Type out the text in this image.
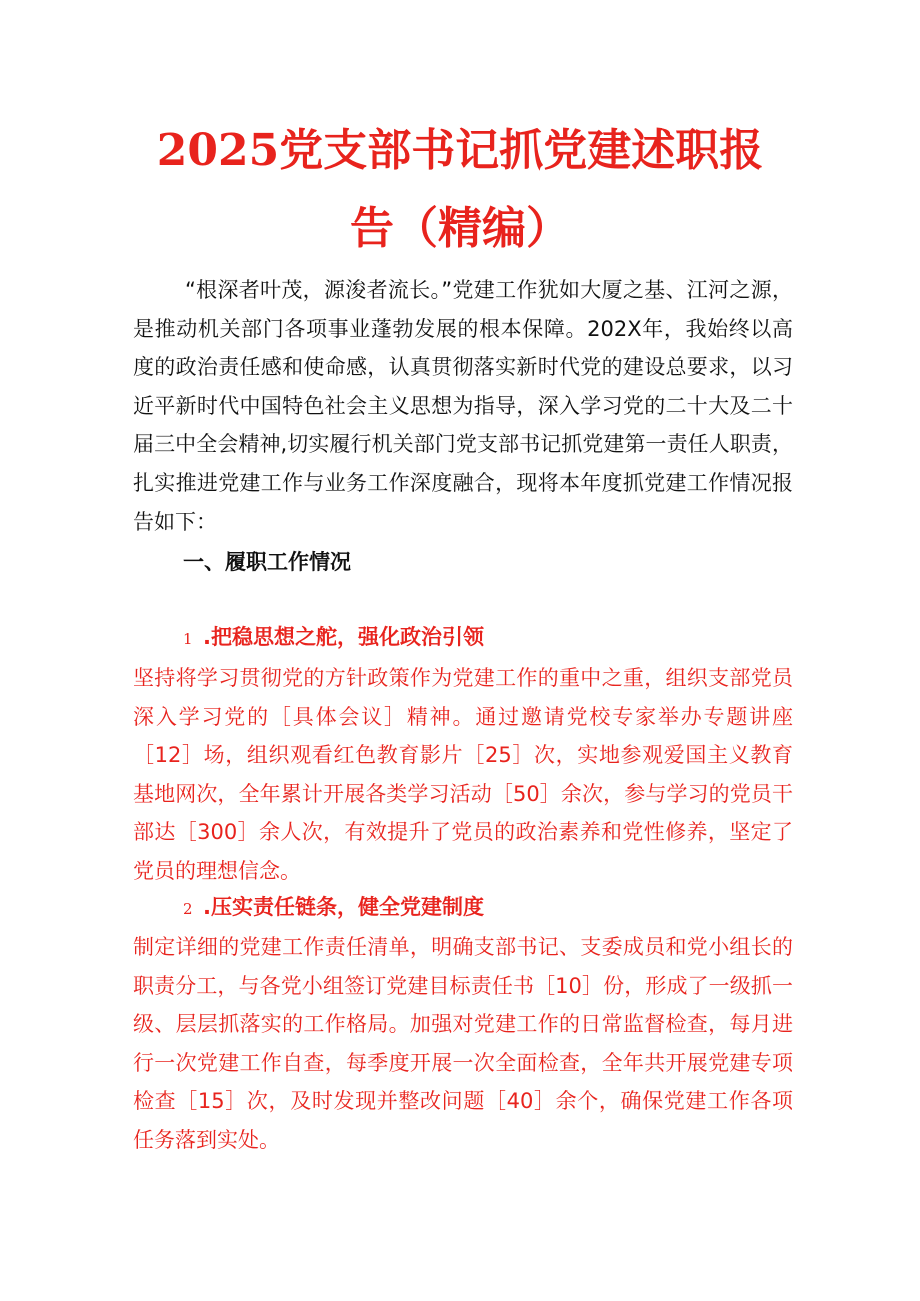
2025党支部书记抓党建述职报
告（精编）

“根深者叶茂，源浚者流长。”党建工作犹如大厦之基、江河之源，是推动机关部门各项事业蓬勃发展的根本保障。202X年，我始终以高度的政治责任感和使命感，认真贯彻落实新时代党的建设总要求，以习近平新时代中国特色社会主义思想为指导，深入学习党的二十大及二十届三中全会精神,切实履行机关部门党支部书记抓党建第一责任人职责，扎实推进党建工作与业务工作深度融合，现将本年度抓党建工作情况报告如下：

一、履职工作情况
1 .把稳思想之舵，强化政治引领

坚持将学习贯彻党的方针政策作为党建工作的重中之重，组织支部党员深入学习党的［具体会议］精神。通过邀请党校专家举办专题讲座［12］场，组织观看红色教育影片［25］次，实地参观爱国主义教育基地网次，全年累计开展各类学习活动［50］余次，参与学习的党员干部达［300］余人次，有效提升了党员的政治素养和党性修养，坚定了党员的理想信念。

2 .压实责任链条，健全党建制度

制定详细的党建工作责任清单，明确支部书记、支委成员和党小组长的职责分工，与各党小组签订党建目标责任书［10］份，形成了一级抓一级、层层抓落实的工作格局。加强对党建工作的日常监督检查，每月进行一次党建工作自查，每季度开展一次全面检查，全年共开展党建专项检查［15］次，及时发现并整改问题［40］余个，确保党建工作各项任务落到实处。
